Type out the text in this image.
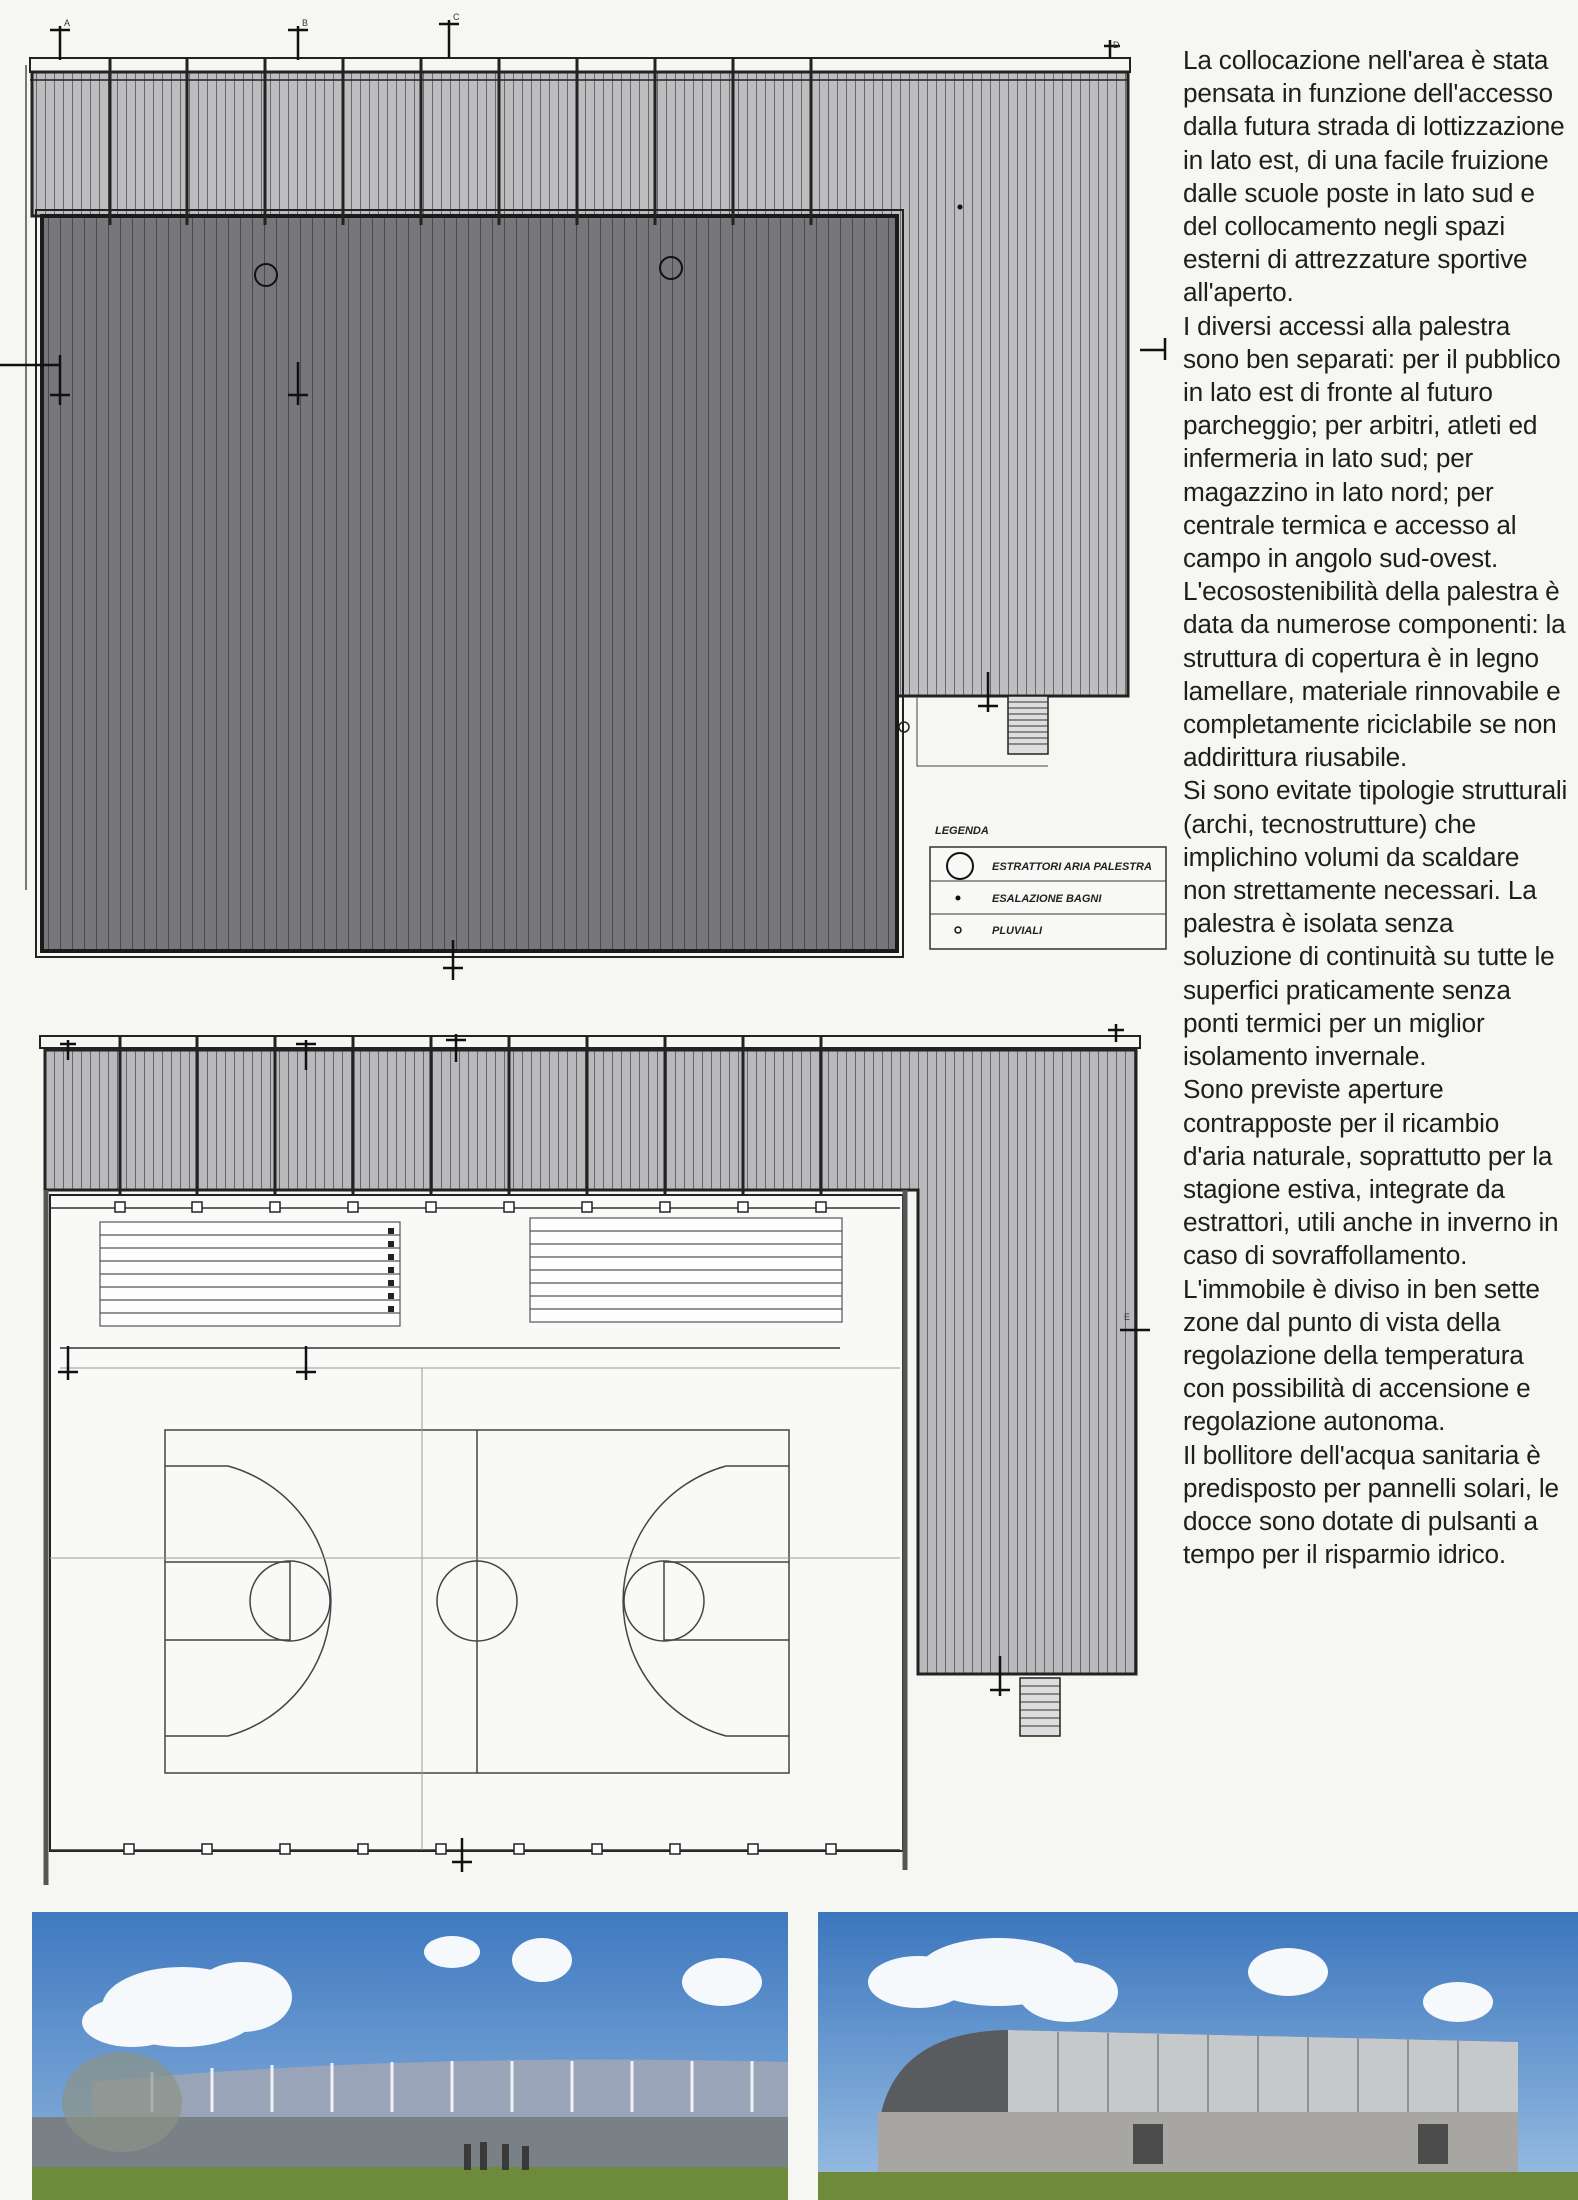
A	B
C
D
LEGENDA
ESTRATTORI ARIA PALESTRA
ESALAZIONE BAGNI
PLUVIALI
E

La collocazione nell'area è stata pensata in funzione dell'accesso dalla futura strada di lottizzazione in lato est, di una facile fruizione dalle scuole poste in lato sud e del collocamento negli spazi esterni di attrezzature sportive all'aperto.

I diversi accessi alla palestra sono ben separati: per il pubblico in lato est di fronte al futuro parcheggio; per arbitri, atleti ed infermeria in lato sud; per magazzino in lato nord; per centrale termica e accesso al campo in angolo sud-ovest.

L'ecosostenibilità della palestra è data da numerose componenti: la struttura di copertura è in legno lamellare, materiale rinnovabile e completamente riciclabile se non addirittura riusabile.

Si sono evitate tipologie strutturali (archi, tecnostrutture) che implichino volumi da scaldare non strettamente necessari. La palestra è isolata senza soluzione di continuità su tutte le superfici praticamente senza ponti termici per un miglior isolamento invernale.

Sono previste aperture contrapposte per il ricambio d'aria naturale, soprattutto per la stagione estiva, integrate da estrattori, utili anche in inverno in caso di sovraffollamento.

L'immobile è diviso in ben sette zone dal punto di vista della regolazione della temperatura con possibilità di accensione e regolazione autonoma.

Il bollitore dell'acqua sanitaria è predisposto per pannelli solari, le docce sono dotate di pulsanti a tempo per il risparmio idrico.
